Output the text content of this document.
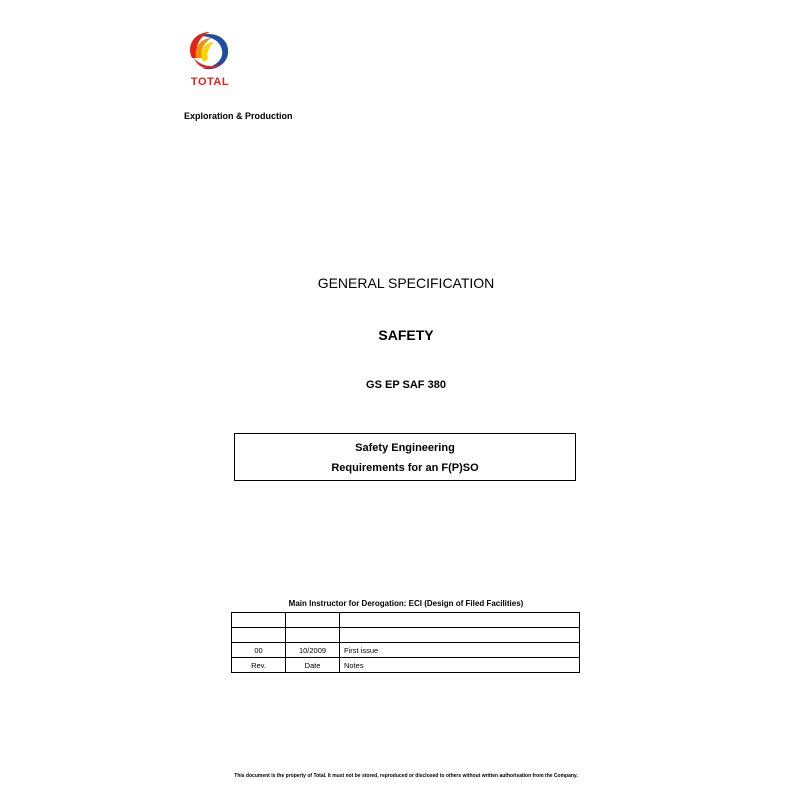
TOTAL
Exploration & Production
GENERAL SPECIFICATION
SAFETY
GS EP SAF 380
Safety Engineering
Requirements for an F(P)SO
Main Instructor for Derogation: ECI (Design of Filed Facilities)

00	10/2009	First issue
Rev.	Date	Notes
This document is the property of Total. It must not be stored, reproduced or disclosed to others without written authorisation from the Company.
